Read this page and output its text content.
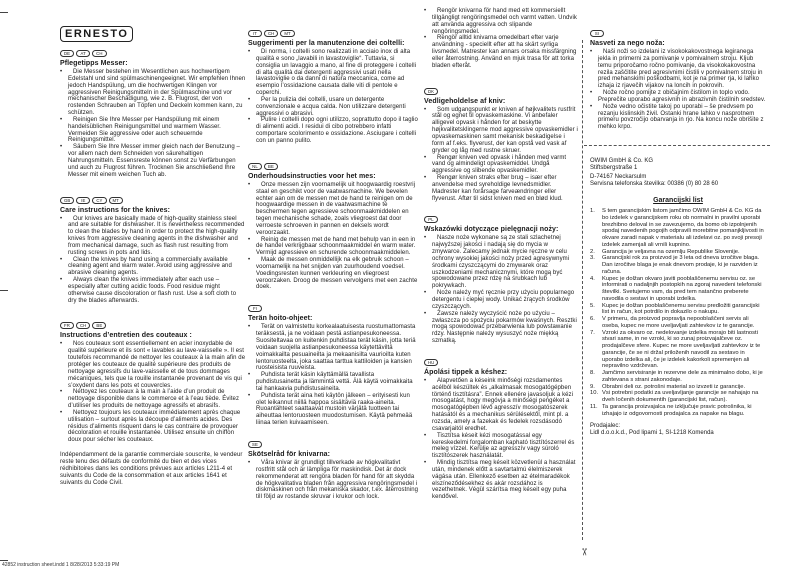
ERNESTO
DE	AT	CH
Pflegetipps Messer:
• Die Messer bestehen im Wesentlichen aus hochwertigem Edelstahl und sind spülmaschinengeeignet. Wir empfehlen Ihnen jedoch Handspülung, um die hochwertigen Klingen vor aggressiven Reinigungsmitteln in der Spülmaschine und vor mechanischer Beschädigung, wie z. B. Flugrost, der von rostenden Schrauben an Töpfen und Deckeln kommen kann, zu schützen.
• Reinigen Sie Ihre Messer per Handspülung mit einem handelsüblichen Reinigungsmittel und warmem Wasser. Vermeiden Sie aggressive oder auch scheuernde Reinigungsmittel.
• Säubern Sie Ihre Messer immer gleich nach der Benutzung – vor allem nach dem Schneiden von säurehaltigen Nahrungsmitteln. Essensreste können sonst zu Verfärbungen und auch zu Flugrost führen. Trocknen Sie anschließend Ihre Messer mit einem weichen Tuch ab.
GB	IE	CY	MT
Care instructions for the knives:
• Our knives are basically made of high-quality stainless steel and are suitable for dishwasher. It is nevertheless recommended to clean the blades by hand in order to protect the high-quality knives from aggressive cleaning agents in the dishwasher and from mechanical damage, such as flash rust resulting from rusting screws in pots and lids.
• Clean the knives by hand using a commercially available cleaning agent and warm water. Avoid using aggressive and abrasive cleaning agents.
• Always clean the knives immediately after each use – especially after cutting acidic foods. Food residue might otherwise cause discoloration or flash rust. Use a soft cloth to dry the blades afterwards.
FR	CH	BE
Instructions d’entretien des couteaux :
• Nos couteaux sont essentiellement en acier inoxydable de qualité supérieure et ils sont « lavables au lave-vaisselle ». Il est toutefois recommandé de nettoyer les couteaux à la main afin de protéger les couteaux de qualité supérieure des produits de nettoyage agressifs du lave-vaisselle et de tous dommages mécaniques, tels que la rouille instantanée provenant de vis qui s’oxydent dans les pots et couvercles.
• Nettoyez les couteaux à la main à l’aide d’un produit de nettoyage disponible dans le commerce et à l’eau tiède. Évitez d’utiliser les produits de nettoyage agressifs et abrasifs.
• Nettoyez toujours les couteaux immédiatement après chaque utilisation – surtout après la découpe d’aliments acides. Des résidus d’aliments risquent dans le cas contraire de provoquer décoloration et rouille instantanée. Utilisez ensuite un chiffon doux pour sécher les couteaux.
Indépendamment de la garantie commerciale souscrite, le vendeur reste tenu des défauts de conformité du bien et des vices rédhibitoires dans les conditions prévues aux articles L211-4 et suivants du Code de la consommation et aux articles 1641 et suivants du Code Civil.
IT	CH	MT
Suggerimenti per la manutenzione dei coltelli:
• Di norma, i coltelli sono realizzati in acciaio inox di alta qualità e sono „lavabili in lavastoviglie“. Tuttavia, si consiglia un lavaggio a mano, al fine di proteggere i coltelli di alta qualità dai detergenti aggressivi usati nella lavastoviglie o da danni di natura meccanica, come ad esempio l’ossidazione causata dalle viti di pentole e coperchi.
• Per la pulizia dei coltelli, usare un detergente convenzionale e acqua calda. Non utilizzare detergenti aggressivi o abrasivi.
• Pulire i coltelli dopo ogni utilizzo, soprattutto dopo il taglio di alimenti acidi. I residui di cibo potrebbero infatti comportare scolorimento e ossidazione. Asciugare i coltelli con un panno pulito.
NL	BE
Onderhoudsinstructies voor het mes:
• Onze messen zijn voornamelijk uit hoogwaardig roestvrij staal en geschikt voor de vaatwasmachine. We bevelen echter aan om de messen met de hand te reinigen om de hoogwaardige messen in de vaatwasmachine te beschermen tegen agressieve schoonmaakmiddelen en tegen mechanische schade, zoals vliegroest dat door verroeste schroeven in pannen en deksels wordt veroorzaakt.
• Reinig de messen met de hand met behulp van in een in de handel verkrijgbaar schoonmaakmiddel en warm water. Vermijd agressieve en schurende schoonmaakmiddelen.
• Maak de messen onmiddellijk na elk gebruik schoon – voornamelijk na het snijden van zuurhoudend voedsel. Voedingsresten kunnen verkleuring en vliegroest veroorzaken. Droog de messen vervolgens met een zachte doek.
FI
Terän hoito-ohjeet:
• Terät on valmistettu korkealaatuisesta ruostumattomasta teräksestä, ja ne voidaan pestä astianpesukoneessa. Suositeltavaa on kuitenkin puhdistaa terät käsin, jotta teriä voidaan suojella astianpesukoneessa käytettäviltä voimakkailta pesuaineilta ja mekaanisilta vaurioilta kuten lentoruosteelta, joka saattaa tarttua kattiloiden ja kansien ruosteisista ruuveista.
• Puhdista terät käsin käyttämällä tavallista puhdistusainetta ja lämmintä vettä. Älä käytä voimakkaita tai hankaavia puhdistusaineita.
• Puhdista terät aina heti käytön jälkeen – erityisesti kun olet leikannut niillä happoa sisältäviä raaka-aineita. Ruoantähteet saattaavat mustoin värjätä tuotteen tai aiheuttaa lentoruosteen muodostumisen. Käytä pehmeää liinaa terien kuivaamiseen.
SE
Skötselråd för knivarna:
• Våra knivar är grundligt tillverkade av högkvalitativt rostfritt stål och är lämpliga för maskindisk. Det är dock rekommenderat att rengöra bladen för hand för att skydda de högkvalitativa bladen från aggressiva rengöringsmedel i diskmaskinen och från mekaniska skador, t.ex. återrostning till följd av rostande skruvar i krukor och lock.
• Rengör knivarna för hand med ett kommersiellt tillgängligt rengöringsmedel och varmt vatten. Undvik att använda aggressiva och slipande rengöringsmedel.
• Rengör alltid knivarna omedelbart efter varje användning - speciellt efter att ha skärt syrliga livsmedel. Matrester kan annars orsaka missfärgning eller återrostning. Använd en mjuk trasa för att torka bladen efteråt.
DK
Vedligeholdelse af kniv:
• Som udgangspunkt er kniven af højkvalitets rustfrit stål og egnet til opvaskemaskine. Vi anbefaler alligevel opvask i hånden for at beskytte højkvalitetsklingerne mod aggressive opvaskemidler i opvaskemaskinen samt mekanisk beskadigelse i form af f.eks. flyverust, der kan opstå ved vask af gryder og låg med rustne skruer.
• Rengør kniven ved opvask i hånden med varmt vand og almindeligt opvaskemiddel. Undgå aggressive og slibende opvaskemidler.
• Rengør kniven straks efter brug – især efter anvendelse med syreholdige levnedsmidler. Madrester kan forårsage farveændringer eller flyverust. Aftør til sidst kniven med en blød klud.
PL
Wskazówki dotyczące pielęgnacji noży:
• Nasze noże wykonane są ze stali szlachetnej najwyższej jakości i nadają się do mycia w zmywarce. Zalecamy jednak mycie ręczne w celu ochrony wysokiej jakości noży przed agresywnymi środkami czyszczącymi do zmywarek oraz uszkodzeniami mechanicznymi, które mogą być spowodowane przez rdzę na śrubkach lub pokrywkach.
• Noże należy myć ręcznie przy użyciu popularnego detergentu i ciepłej wody. Unikać żrących środków czyszczących.
• Zawsze należy wyczyścić noże po użyciu – zwłaszcza po spożyciu pokarmów kwaśnych. Resztki mogą spowodować przebarwienia lub powstawanie rdzy. Następnie należy wysuszyć noże miękką szmatką.
HU
Ápolási tippek a késhez:
• Alapvetően a késeink minőségi rozsdamentes acélból készültek és „alkalmasak mosogatógépben történő tisztításra”. Ennek ellenére javasoljuk a kézi mosogatást, hogy megóvja a minőségi pengéket a mosogatógépben lévő agresszív mosogatószerek hatásától és a mechanikus sérülésektől, mint pl. a rozsda, amely a fazekak és fedelek rozsdásodó csavarjaitól eredhet.
• Tisztítsa késeit kézi mosogatással egy kereskedelmi forgalomban kapható tisztítószerrel és meleg vízzel. Kerülje az agresszív vagy súroló tisztítószerek használatát.
• Mindig tisztítsa meg késeit közvetlenül a használat után, mindenek előtt a savtartalmú élelmiszerek vágása után. Ellenkező esetben az ételmaradékok elszíneződésekhez és akár rozsdához is vezethetnek. Végül szárítsa meg késeit egy puha kendővel.
✂
SI
Nasveti za nego noža:
• Naši noži so izdelani iz visokokakovostnega legiranega jekla in primerni za pomivanje v pomivalnem stroju. Kljub temu priporočamo ročno pomivanje, da visokokakovostna rezila zaščitite pred agresivnimi čistili v pomivalnem stroju in pred mehanskimi poškodbami, kot je na primer rja, ki lahko izhaja iz rjavečih vijakov na loncih in pokrovih.
• Nože ročno pomijte z običajnim čistilom in toplo vodo. Preprečite uporabo agresivnih in abrazivnih čistilnih sredstev.
• Nože vedno očistite takoj po uporabi – še predvsem po rezanju kislinskih živil. Ostanki hrane lahko v nasprotnem primeru povzročijo obarvanja in rjo. Na koncu nože obrišite z mehko krpo.
OWIM GmbH & Co. KG
Stiftsbergstraße 1
D-74167 Neckarsulm
Servisna telefonska številka: 00386 (0) 80 28 60
Garancijski list
1. S tem garancijskim listom jamčimo OWIM GmbH & Co. KG da bo izdelek v garancijskem roku ob normalni in pravilni uporabi brezhibno deloval in se zavezujemo, da bomo ob izpolnjenih spodaj navedenih pogojih odpravili morebitne pomanjkljivosti in okvare zaradi napak v materialu ali izdelavi oz. po svoji presoji izdelek zamenjali ali vrnili kupnino.
2. Garancija je veljavna na ozemlju Republike Slovenije.
3. Garancijski rok za proizvod je 3 leta od dneva izročitve blaga. Dan izročitve blaga je enak dnevom prodaje, ki je razviden iz računa.
4. Kupec je dolžan okvaro javiti pooblaščenemu servisu oz. se informirati o nadaljnjih postopkih na zgoraj navedeni telefonski številki. Svetujemo vam, da pred tem natančno preberete navodila o sestavi in uporabi izdelka.
5. Kupec je dolžan pooblaščenemu servisu predložiti garancijski list in račun, kot potrdilo in dokazilo o nakupu.
6. V primeru, da proizvod popravlja nepooblaščeni servis ali oseba, kupec ne more uveljavljati zahtevkov iz te garancije.
7. Vzroki za okvaro oz. nedelovanje izdelka morajo biti lastnosti stvari same, in ne vzroki, ki so zunaj proizvajalčeve oz. prodajalčeve sfere. Kupec ne more uveljavljati zahtevkov iz te garancije, če se ni držal priloženih navodil za sestavo in uporabo izdelka ali, če je izdelek kakorkoli spremenjen ali nepravilno vzdrževan.
8. Jamčimo servisiranje in rezervne dele za minimalno dobo, ki je zahtevana s strani zakonodaje.
9. Obrabni deli oz. potrošni material so izvzeti iz garancije.
10. Vsi potrebni podatki za uveljavljanje garancije se nahajajo na dveh ločenih dokumentih (garancijski list, račun).
11. Ta garancija proizvajalca ne izključuje pravic potrošnika, ki izhajajo iz odgovornosti prodajalca za napake na blagu.
Prodajalec:
Lidl d.o.o.k.d., Pod lipami 1, SI-1218 Komenda
42852 instruction sheet.indd 1 8/28/2013 5:33:19 PM
